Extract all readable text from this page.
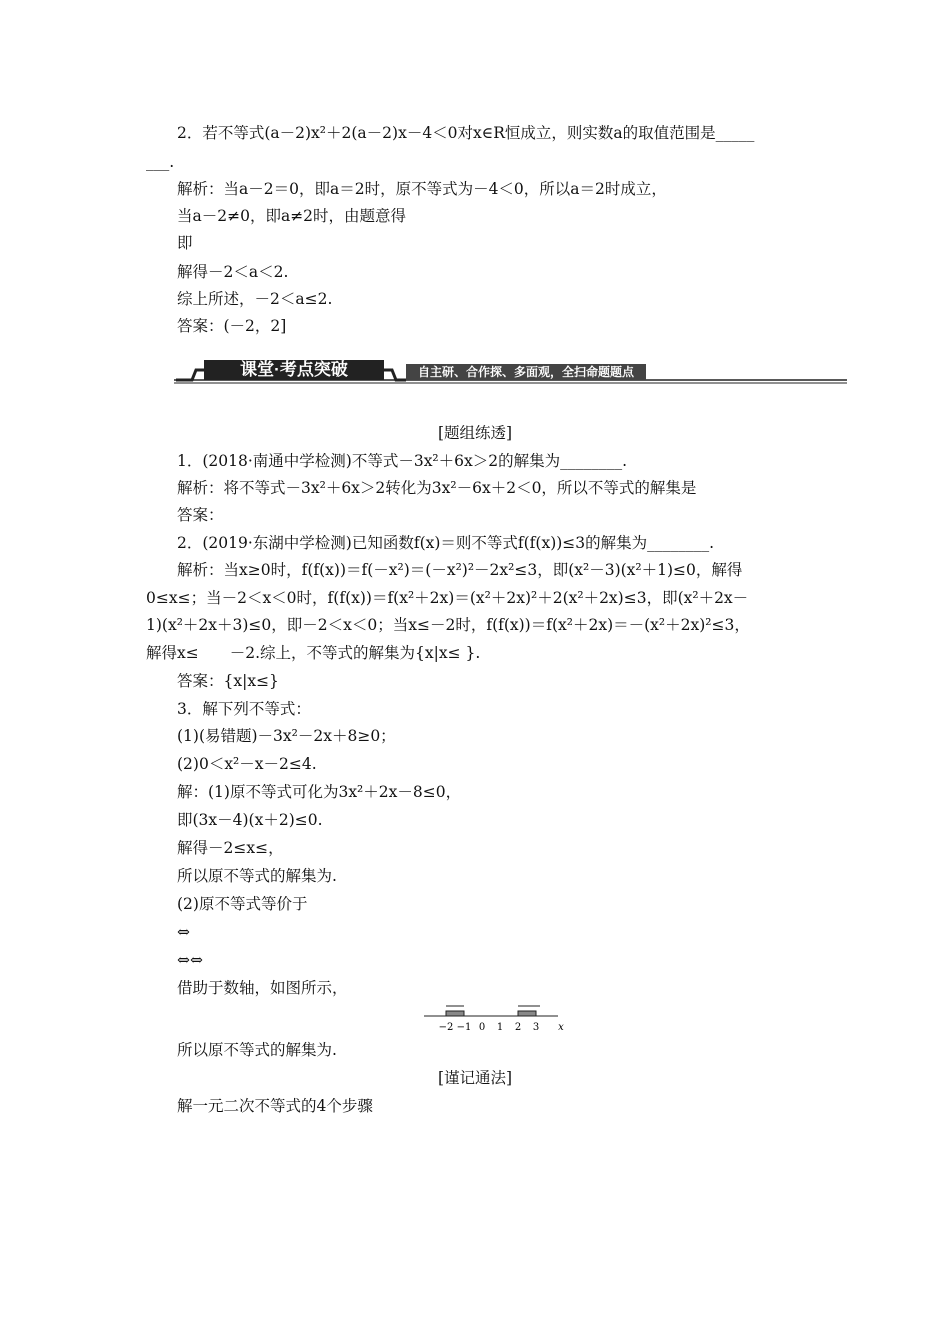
2．若不等式(a－2)x²＋2(a－2)x－4＜0对x∈R恒成立，则实数a的取值范围是_____
___.
解析：当a－2＝0，即a＝2时，原不等式为－4＜0，所以a＝2时成立，
当a－2≠0，即a≠2时，由题意得
即
解得－2＜a＜2.
综上所述，－2＜a≤2.
答案：(－2，2]
课堂·考点突破	自主研、合作探、多面观，全扫命题题点
[题组练透]
1．(2018·南通中学检测)不等式－3x²＋6x＞2的解集为________.
解析：将不等式－3x²＋6x＞2转化为3x²－6x＋2＜0，所以不等式的解集是
答案：
2．(2019·东湖中学检测)已知函数f(x)＝则不等式f(f(x))≤3的解集为________.
解析：当x≥0时，f(f(x))＝f(－x²)＝(－x²)²－2x²≤3，即(x²－3)(x²＋1)≤0，解得
0≤x≤；当－2＜x＜0时，f(f(x))＝f(x²＋2x)＝(x²＋2x)²＋2(x²＋2x)≤3，即(x²＋2x－
1)(x²＋2x＋3)≤0，即－2＜x＜0；当x≤－2时，f(f(x))＝f(x²＋2x)＝－(x²＋2x)²≤3，
解得x≤　　－2.综上，不等式的解集为{x|x≤ }.
答案：{x|x≤}
3．解下列不等式：
(1)(易错题)－3x²－2x＋8≥0；
(2)0＜x²－x－2≤4.
解：(1)原不等式可化为3x²＋2x－8≤0，
即(3x－4)(x＋2)≤0.
解得－2≤x≤，
所以原不等式的解集为.
(2)原不等式等价于
⇔
⇔⇔
借助于数轴，如图所示，
−2 −1 0 1 2 3 x
所以原不等式的解集为.
[谨记通法]
解一元二次不等式的4个步骤
